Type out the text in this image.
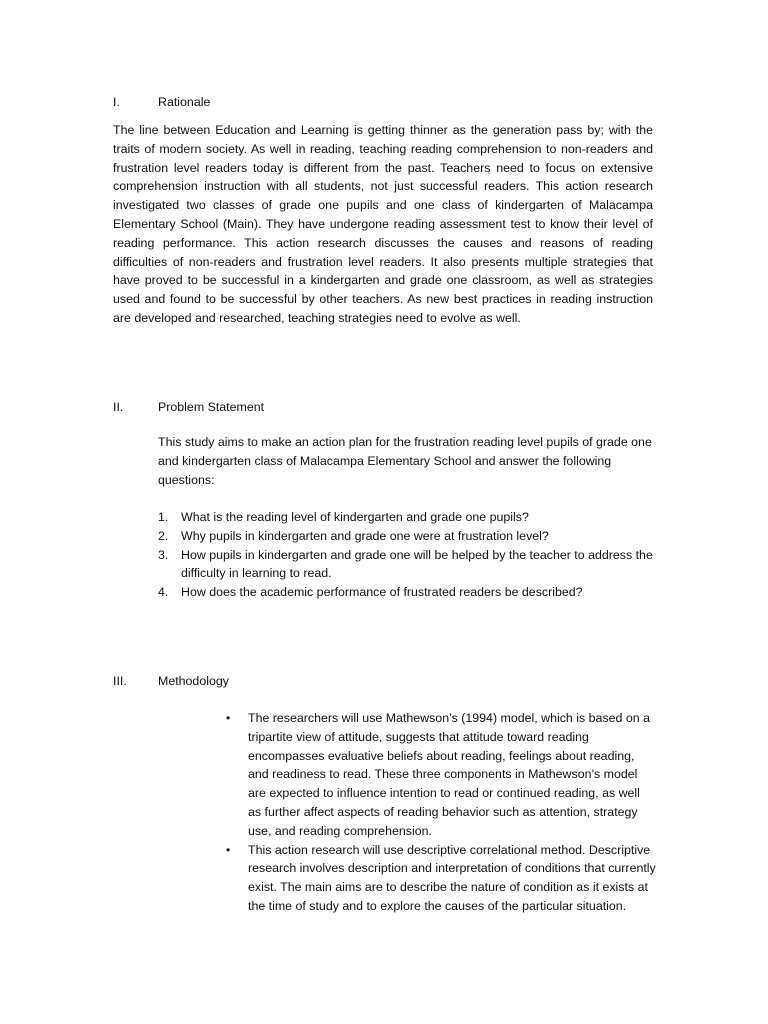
I.	Rationale

The line between Education and Learning is getting thinner as the generation pass by; with the traits of modern society. As well in reading, teaching reading comprehension to non-readers and frustration level readers today is different from the past. Teachers need to focus on extensive comprehension instruction with all students, not just successful readers. This action research investigated two classes of grade one pupils and one class of kindergarten of Malacampa Elementary School (Main). They have undergone reading assessment test to know their level of reading performance. This action research discusses the causes and reasons of reading difficulties of non-readers and frustration level readers. It also presents multiple strategies that have proved to be successful in a kindergarten and grade one classroom, as well as strategies used and found to be successful by other teachers. As new best practices in reading instruction are developed and researched, teaching strategies need to evolve as well.

II.	Problem Statement

This study aims to make an action plan for the frustration reading level pupils of grade one and kindergarten class of Malacampa Elementary School and answer the following questions:

1. What is the reading level of kindergarten and grade one pupils?
2. Why pupils in kindergarten and grade one were at frustration level?
3. How pupils in kindergarten and grade one will be helped by the teacher to address the difficulty in learning to read.
4. How does the academic performance of frustrated readers be described?
III.	Methodology
• The researchers will use Mathewson’s (1994) model, which is based on a tripartite view of attitude, suggests that attitude toward reading encompasses evaluative beliefs about reading, feelings about reading, and readiness to read. These three components in Mathewson’s model are expected to influence intention to read or continued reading, as well as further affect aspects of reading behavior such as attention, strategy use, and reading comprehension.
• This action research will use descriptive correlational method. Descriptive research involves description and interpretation of conditions that currently exist. The main aims are to describe the nature of condition as it exists at the time of study and to explore the causes of the particular situation.
